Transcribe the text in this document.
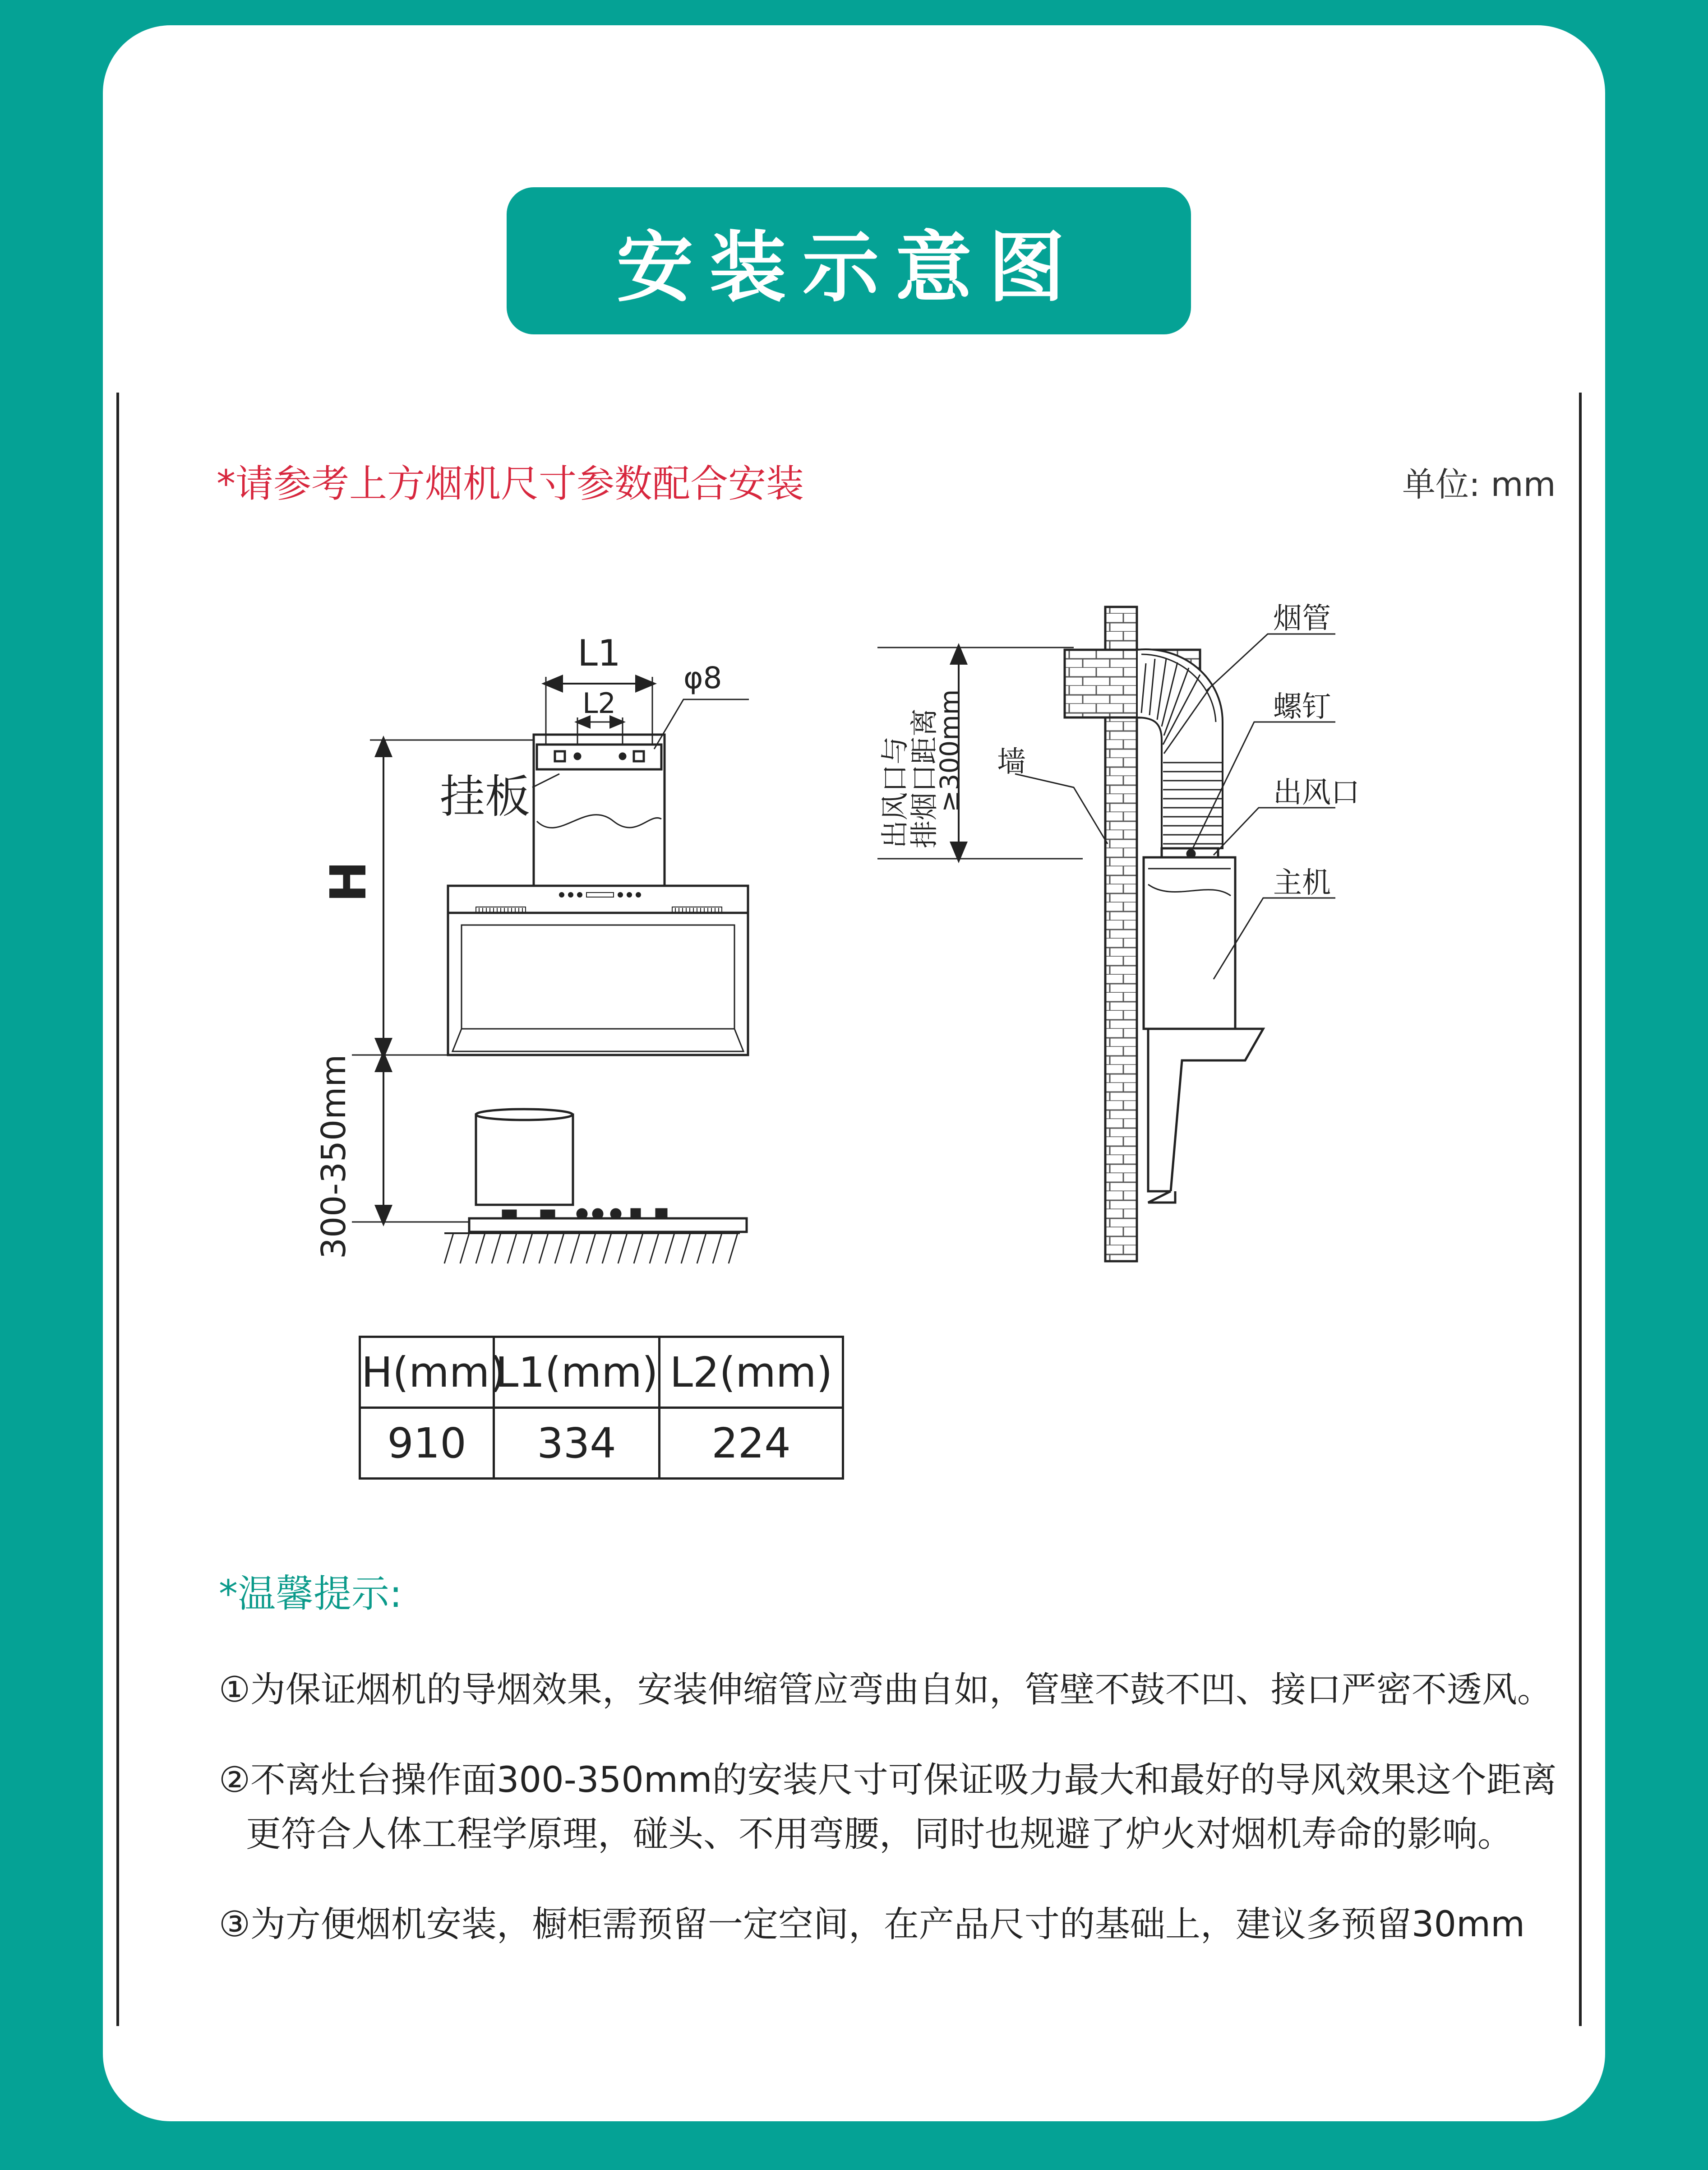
安装示意图
*请参考上方烟机尺寸参数配合安装	单位: mm
L1
L2
φ8
挂板
H
300-350mm
烟管
螺钉
出风口
主机
墙
出风口与
排烟口距离
≥300mm
H(mm)	L1(mm)	L2(mm)
910	334	224
*温馨提示:
①为保证烟机的导烟效果，安装伸缩管应弯曲自如，管壁不鼓不凹、接口严密不透风。
②不离灶台操作面300-350mm的安装尺寸可保证吸力最大和最好的导风效果这个距离
更符合人体工程学原理，碰头、不用弯腰，同时也规避了炉火对烟机寿命的影响。
③为方便烟机安装，橱柜需预留一定空间，在产品尺寸的基础上，建议多预留30mm
